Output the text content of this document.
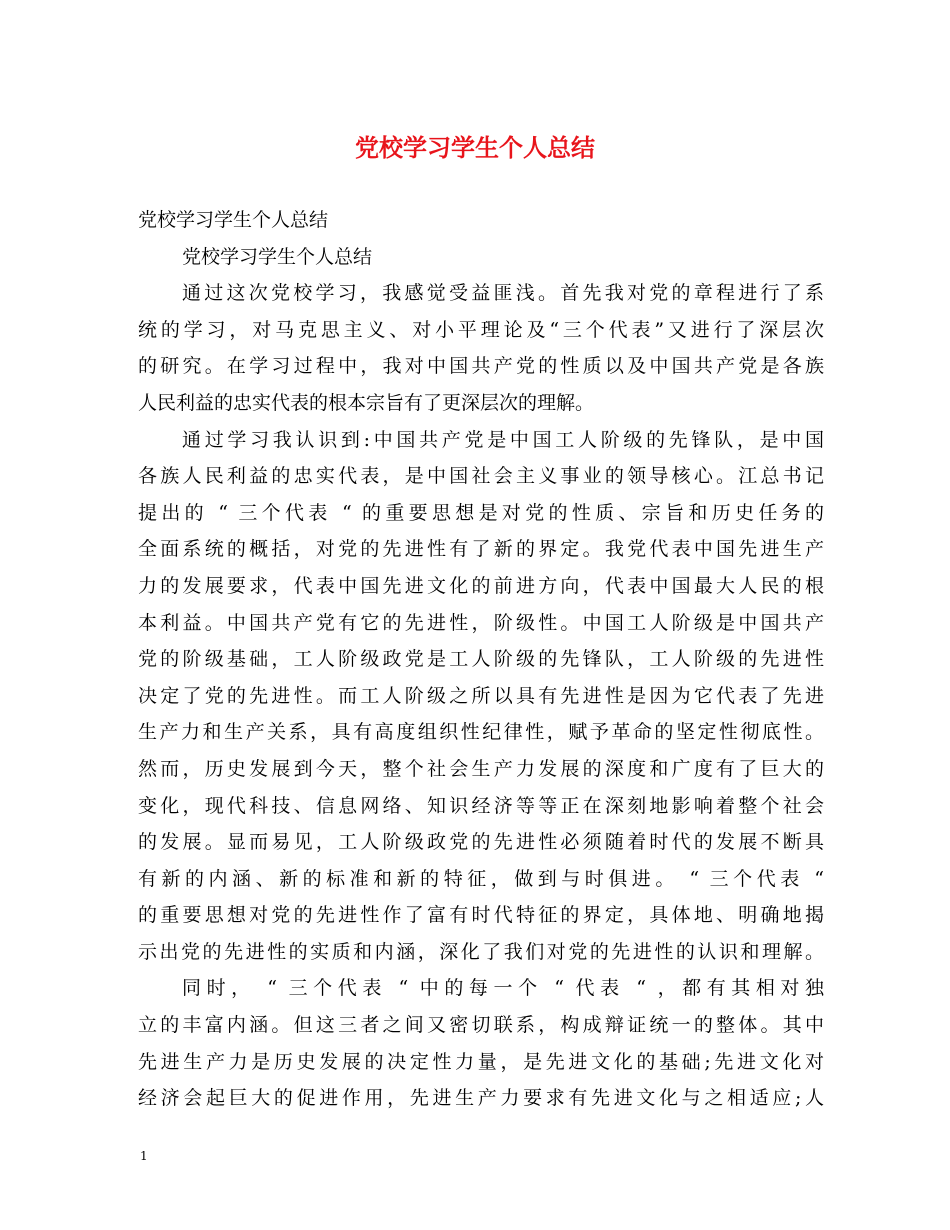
党校学习学生个人总结

党校学习学生个人总结

党校学习学生个人总结

通过这次党校学习，我感觉受益匪浅。首先我对党的章程进行了系

统的学习，对马克思主义、对小平理论及“三个代表”又进行了深层次

的研究。在学习过程中，我对中国共产党的性质以及中国共产党是各族

人民利益的忠实代表的根本宗旨有了更深层次的理解。

通过学习我认识到:中国共产党是中国工人阶级的先锋队，是中国

各族人民利益的忠实代表，是中国社会主义事业的领导核心。江总书记

提出的 “ 三个代表 “ 的重要思想是对党的性质、宗旨和历史任务的

全面系统的概括，对党的先进性有了新的界定。我党代表中国先进生产

力的发展要求，代表中国先进文化的前进方向，代表中国最大人民的根

本利益。中国共产党有它的先进性，阶级性。中国工人阶级是中国共产

党的阶级基础，工人阶级政党是工人阶级的先锋队，工人阶级的先进性

决定了党的先进性。而工人阶级之所以具有先进性是因为它代表了先进

生产力和生产关系，具有高度组织性纪律性，赋予革命的坚定性彻底性。

然而，历史发展到今天，整个社会生产力发展的深度和广度有了巨大的

变化，现代科技、信息网络、知识经济等等正在深刻地影响着整个社会

的发展。显而易见，工人阶级政党的先进性必须随着时代的发展不断具

有新的内涵、新的标准和新的特征，做到与时俱进。 “ 三个代表 “

的重要思想对党的先进性作了富有时代特征的界定，具体地、明确地揭

示出党的先进性的实质和内涵，深化了我们对党的先进性的认识和理解。

同时， “ 三个代表 “ 中的每一个 “ 代表 “ ，都有其相对独

立的丰富内涵。但这三者之间又密切联系，构成辩证统一的整体。其中

先进生产力是历史发展的决定性力量，是先进文化的基础;先进文化对

经济会起巨大的促进作用，先进生产力要求有先进文化与之相适应;人

1
